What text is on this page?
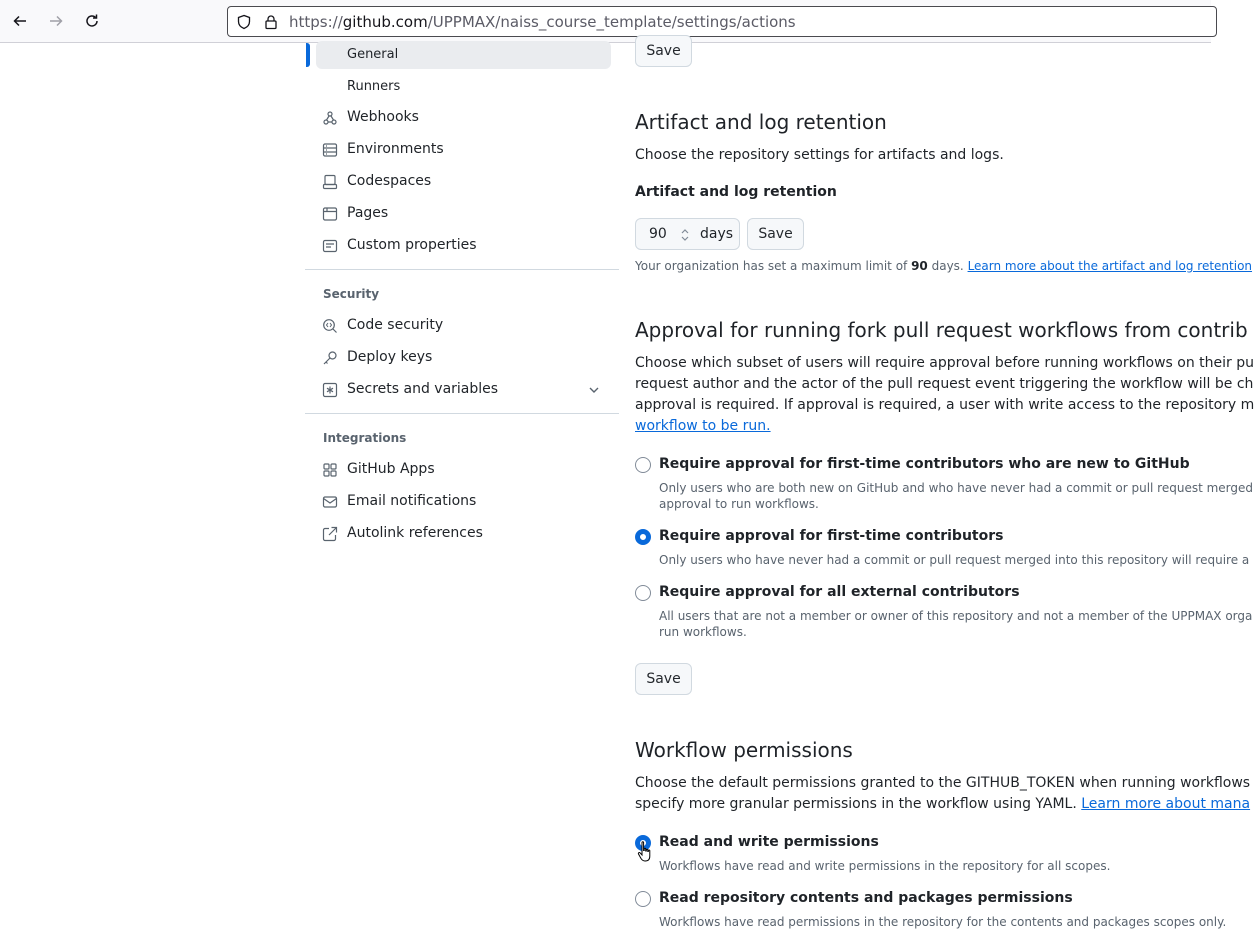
https://github.com/UPPMAX/naiss_course_template/settings/actions
General
Runners
Webhooks
Environments
Codespaces
Pages
Custom properties
Security
Code security
Deploy keys
Secrets and variables
Integrations
GitHub Apps
Email notifications
Autolink references
Save
Artifact and log retention
Choose the repository settings for artifacts and logs.
Artifact and log retention
90 days	Save
Your organization has set a maximum limit of 90 days. Learn more about the artifact and log retention
Approval for running fork pull request workflows from contrib
Choose which subset of users will require approval before running workflows on their pu
request author and the actor of the pull request event triggering the workflow will be ch
approval is required. If approval is required, a user with write access to the repository m
workflow to be run.
Require approval for first-time contributors who are new to GitHub
Only users who are both new on GitHub and who have never had a commit or pull request merged
approval to run workflows.
Require approval for first-time contributors
Only users who have never had a commit or pull request merged into this repository will require a
Require approval for all external contributors
All users that are not a member or owner of this repository and not a member of the UPPMAX orga
run workflows.
Save
Workflow permissions
Choose the default permissions granted to the GITHUB_TOKEN when running workflows
specify more granular permissions in the workflow using YAML. Learn more about mana
Read and write permissions
Workflows have read and write permissions in the repository for all scopes.
Read repository contents and packages permissions
Workflows have read permissions in the repository for the contents and packages scopes only.
